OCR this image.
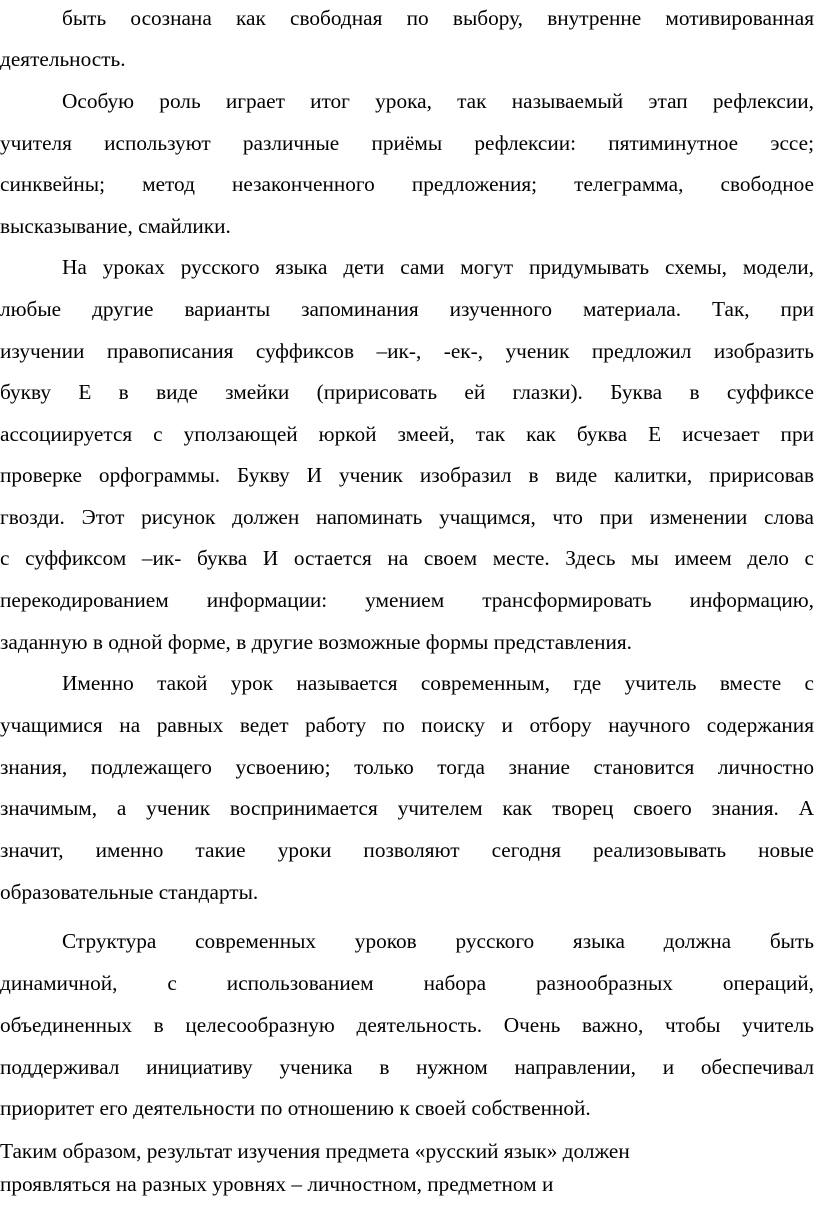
быть осознана как свободная по выбору, внутренне мотивированная
деятельность.
Особую роль играет итог урока, так называемый этап рефлексии,
учителя используют различные приёмы рефлексии: пятиминутное эссе;
синквейны; метод незаконченного предложения; телеграмма, свободное
высказывание, смайлики.
На уроках русского языка дети сами могут придумывать схемы, модели,
любые другие варианты запоминания изученного материала. Так, при
изучении правописания суффиксов –ик-, -ек-, ученик предложил изобразить
букву Е в виде змейки (пририсовать ей глазки). Буква в суффиксе
ассоциируется с уползающей юркой змеей, так как буква Е исчезает при
проверке орфограммы. Букву И ученик изобразил в виде калитки, пририсовав
гвозди. Этот рисунок должен напоминать учащимся, что при изменении слова
с суффиксом –ик- буква И остается на своем месте. Здесь мы имеем дело с
перекодированием информации: умением трансформировать информацию,
заданную в одной форме, в другие возможные формы представления.
Именно такой урок называется современным, где учитель вместе с
учащимися на равных ведет работу по поиску и отбору научного содержания
знания, подлежащего усвоению; только тогда знание становится личностно
значимым, а ученик воспринимается учителем как творец своего знания. А
значит, именно такие уроки позволяют сегодня реализовывать новые
образовательные стандарты.
Структура современных уроков русского языка должна быть
динамичной, с использованием набора разнообразных операций,
объединенных в целесообразную деятельность. Очень важно, чтобы учитель
поддерживал инициативу ученика в нужном направлении, и обеспечивал
приоритет его деятельности по отношению к своей собственной.
Таким образом, результат изучения предмета «русский язык» должен
проявляться на разных уровнях – личностном, предметном и
